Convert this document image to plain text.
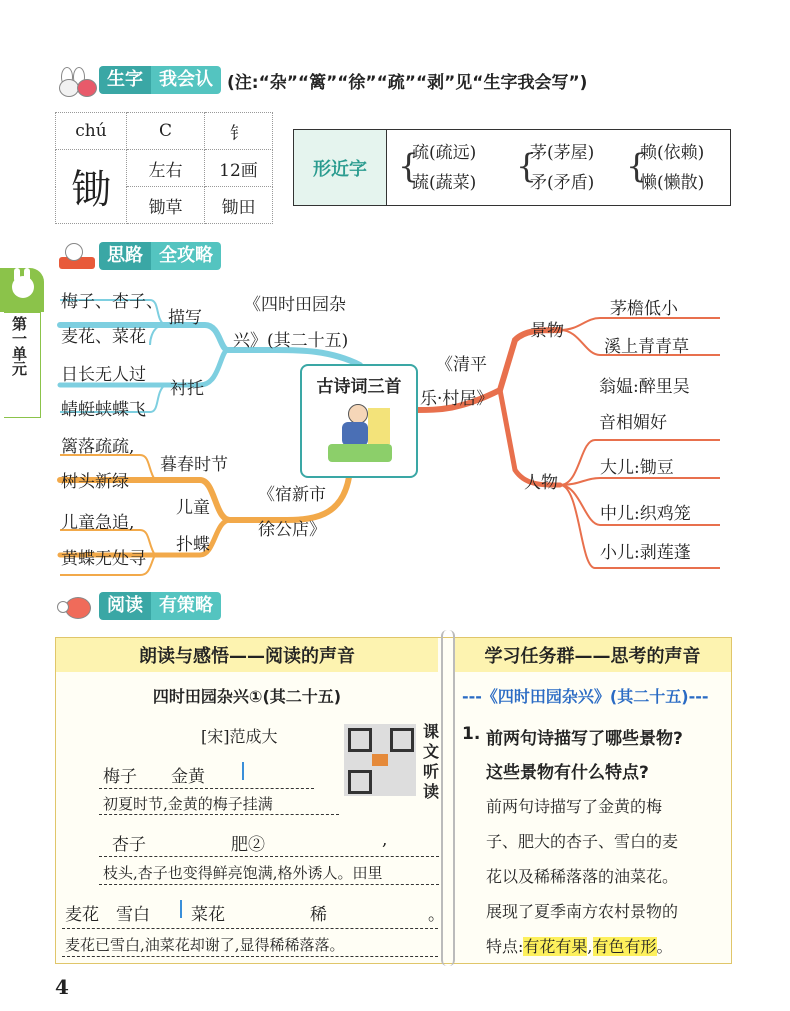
生字 我会认 (注:“杂”“篱”“徐”“疏”“剥”见“生字我会写”)
chú	C	钅
锄	左右	12画
	锄草	锄田
形近字 {
疏(疏远)
蔬(蔬菜) {
茅(茅屋)
矛(矛盾) {
赖(依赖)
懒(懒散)
第一单元
思路 全攻略
古诗词三首
梅子、杏子、
麦花、菜花
描写
《四时田园杂
兴》(其二十五)
日长无人过
蜻蜓蛱蝶飞
衬托
篱落疏疏,
树头新绿
暮春时节
儿童
扑蝶
儿童急追,
黄蝶无处寻
《宿新市
徐公店》
《清平
乐·村居》
景物
茅檐低小
溪上青青草
翁媪:醉里吴
音相媚好
人物
大儿:锄豆
中儿:织鸡笼
小儿:剥莲蓬
阅读 有策略
朗读与感悟——阅读的声音	学习任务群——思考的声音
四时田园杂兴①(其二十五)
[宋]范成大	课文听读
梅子　　金黄
初夏时节,金黄的梅子挂满
杏子　　　　　肥②	,
枝头,杏子也变得鲜亮饱满,格外诱人。田里
麦花　雪白 菜花　　　　　稀	。
麦花已雪白,油菜花却谢了,显得稀稀落落。
---《四时田园杂兴》(其二十五)---
1. 前两句诗描写了哪些景物?
这些景物有什么特点?
前两句诗描写了金黄的梅
子、肥大的杏子、雪白的麦
花以及稀稀落落的油菜花。
展现了夏季南方农村景物的
特点:有花有果,有色有形。
4
